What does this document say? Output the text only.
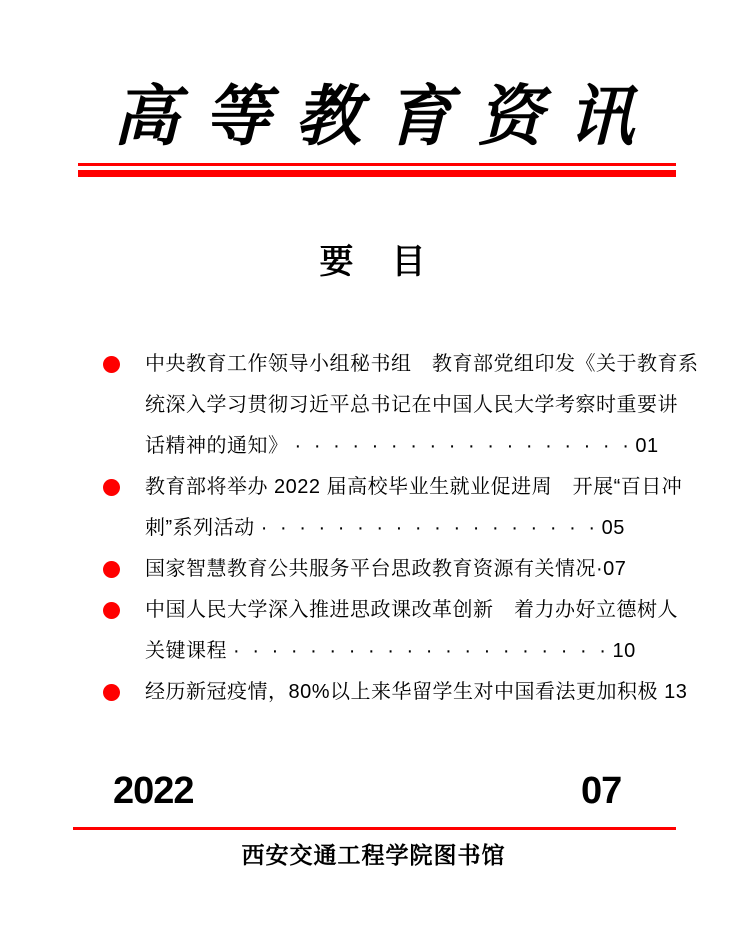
高等教育资讯
要　目
中央教育工作领导小组秘书组　教育部党组印发《关于教育系
统深入学习贯彻习近平总书记在中国人民大学考察时重要讲
话精神的通知》 ·  ·  ·  ·  ·  ·  ·  ·  ·  ·  ·  ·  ·  ·  ·  ·  ·  · 01
教育部将举办 2022 届高校毕业生就业促进周　开展“百日冲
刺”系列活动 ·  ·  ·  ·  ·  ·  ·  ·  ·  ·  ·  ·  ·  ·  ·  ·  ·  · 05
国家智慧教育公共服务平台思政教育资源有关情况·07
中国人民大学深入推进思政课改革创新　着力办好立德树人
关键课程 ·  ·  ·  ·  ·  ·  ·  ·  ·  ·  ·  ·  ·  ·  ·  ·  ·  ·  ·  · 10
经历新冠疫情，80%以上来华留学生对中国看法更加积极 13
2022	07
西安交通工程学院图书馆
